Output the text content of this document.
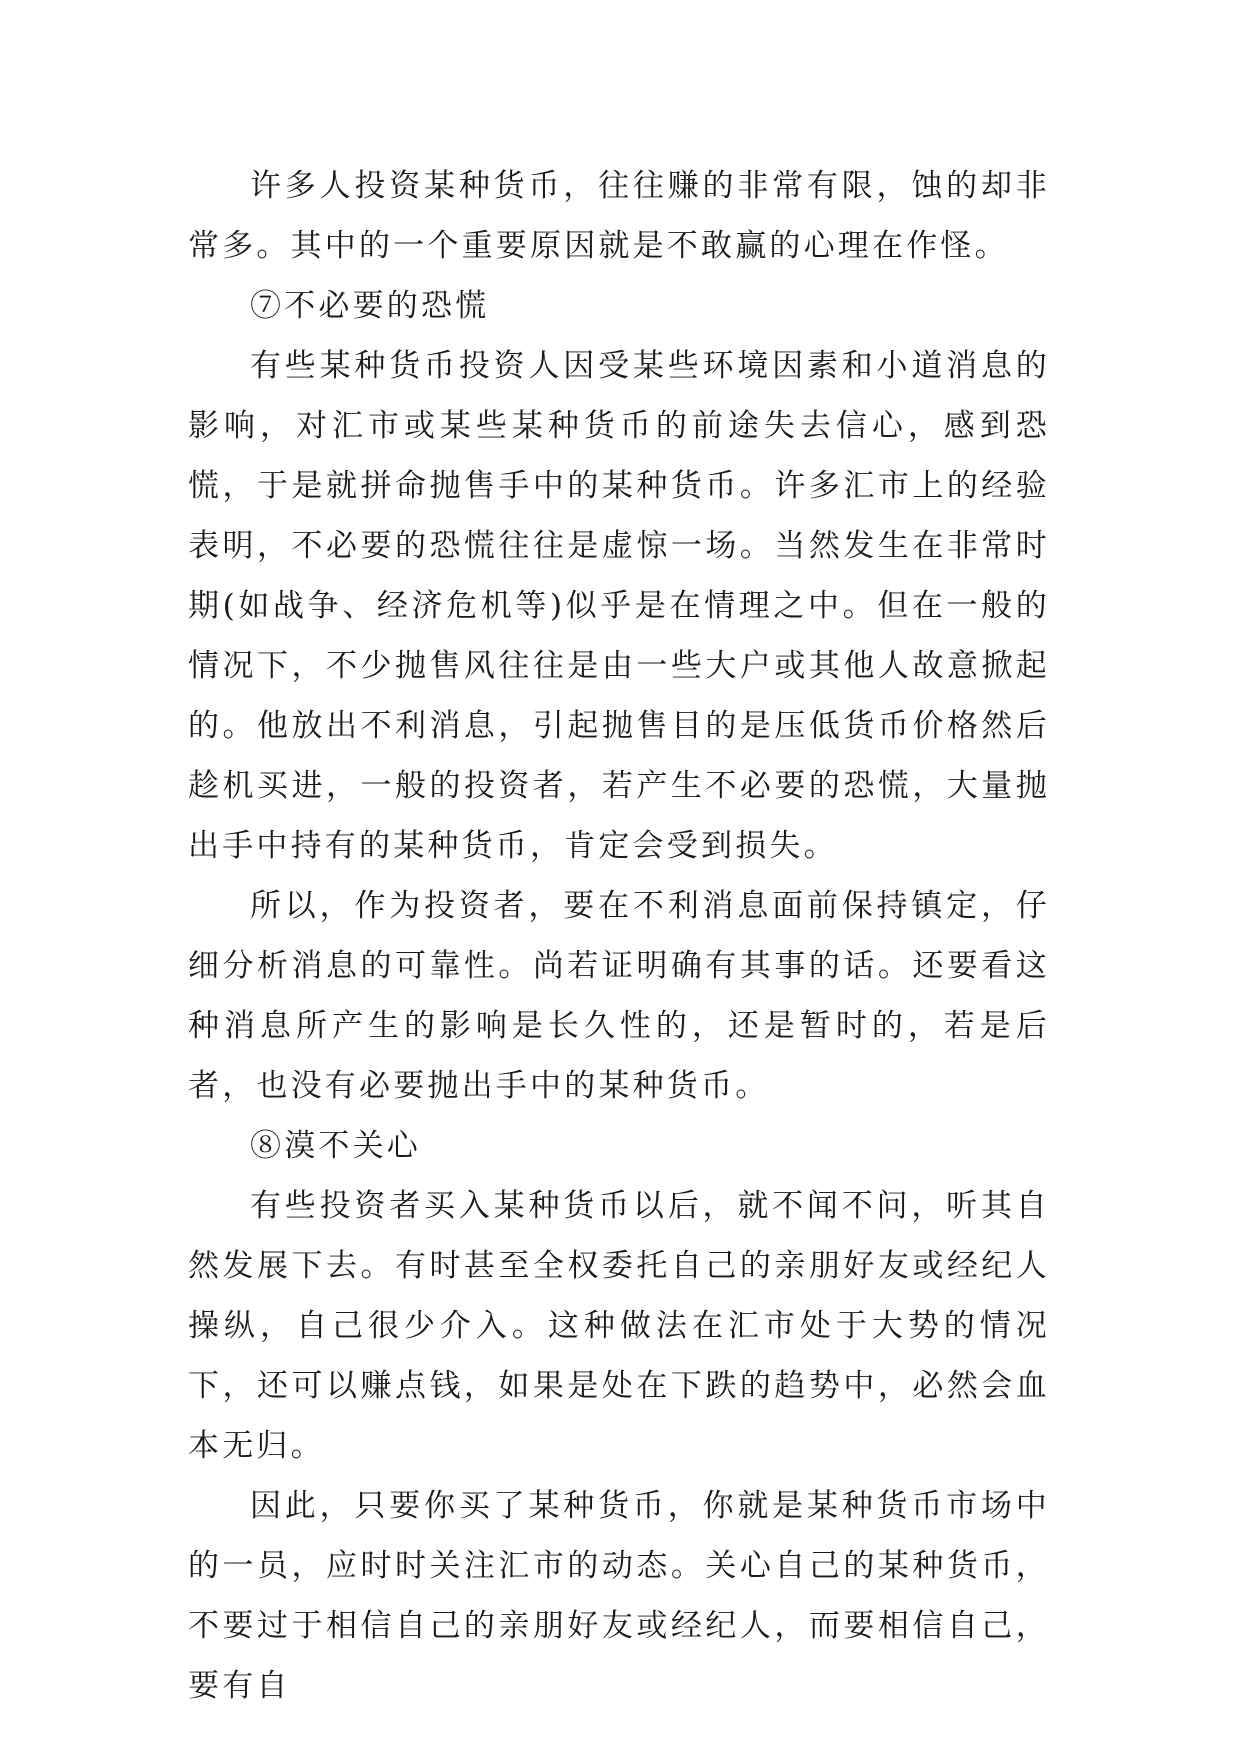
许多人投资某种货币，往往赚的非常有限，蚀的却非常多。其中的一个重要原因就是不敢赢的心理在作怪。

⑦不必要的恐慌

有些某种货币投资人因受某些环境因素和小道消息的影响，对汇市或某些某种货币的前途失去信心，感到恐慌，于是就拼命抛售手中的某种货币。许多汇市上的经验表明，不必要的恐慌往往是虚惊一场。当然发生在非常时期(如战争、经济危机等)似乎是在情理之中。但在一般的情况下，不少抛售风往往是由一些大户或其他人故意掀起的。他放出不利消息，引起抛售目的是压低货币价格然后趁机买进，一般的投资者，若产生不必要的恐慌，大量抛出手中持有的某种货币，肯定会受到损失。

所以，作为投资者，要在不利消息面前保持镇定，仔细分析消息的可靠性。尚若证明确有其事的话。还要看这种消息所产生的影响是长久性的，还是暂时的，若是后者，也没有必要抛出手中的某种货币。

⑧漠不关心

有些投资者买入某种货币以后，就不闻不问，听其自然发展下去。有时甚至全权委托自己的亲朋好友或经纪人操纵，自己很少介入。这种做法在汇市处于大势的情况下，还可以赚点钱，如果是处在下跌的趋势中，必然会血本无归。

因此，只要你买了某种货币，你就是某种货币市场中的一员，应时时关注汇市的动态。关心自己的某种货币，不要过于相信自己的亲朋好友或经纪人，而要相信自己，要有自
